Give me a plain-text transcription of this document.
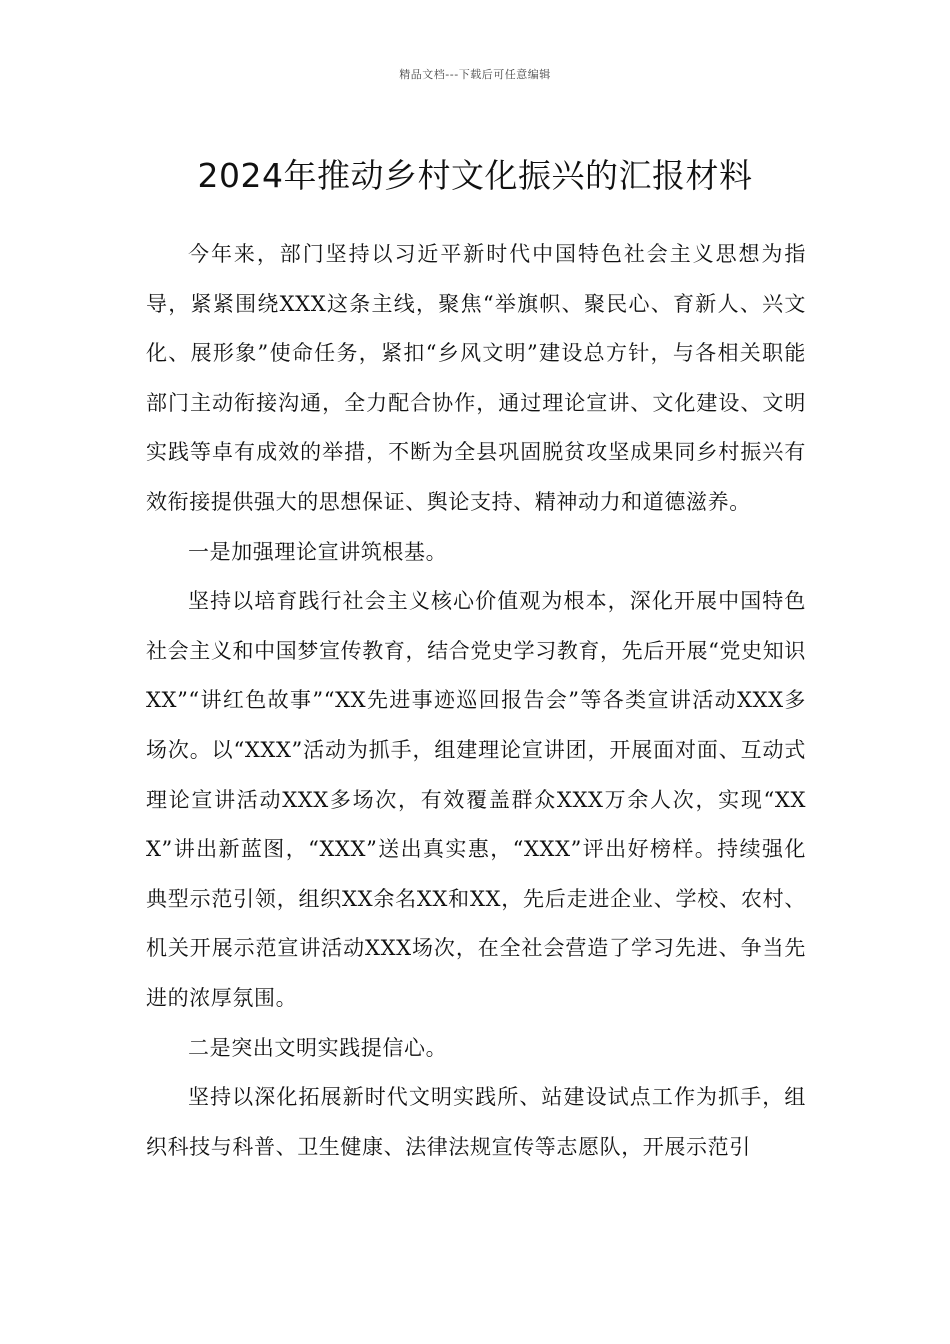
精品文档---下载后可任意编辑
2024年推动乡村文化振兴的汇报材料

今年来，部门坚持以习近平新时代中国特色社会主义思想为指导，紧紧围绕XXX这条主线，聚焦“举旗帜、聚民心、育新人、兴文化、展形象”使命任务，紧扣“乡风文明”建设总方针，与各相关职能部门主动衔接沟通，全力配合协作，通过理论宣讲、文化建设、文明实践等卓有成效的举措，不断为全县巩固脱贫攻坚成果同乡村振兴有效衔接提供强大的思想保证、舆论支持、精神动力和道德滋养。

一是加强理论宣讲筑根基。

坚持以培育践行社会主义核心价值观为根本，深化开展中国特色社会主义和中国梦宣传教育，结合党史学习教育，先后开展“党史知识XX”“讲红色故事”“XX先进事迹巡回报告会”等各类宣讲活动XXX多场次。以“XXX”活动为抓手，组建理论宣讲团，开展面对面、互动式理论宣讲活动XXX多场次，有效覆盖群众XXX万余人次，实现“XXX”讲出新蓝图，“XXX”送出真实惠，“XXX”评出好榜样。持续强化典型示范引领，组织XX余名XX和XX，先后走进企业、学校、农村、机关开展示范宣讲活动XXX场次，在全社会营造了学习先进、争当先进的浓厚氛围。

二是突出文明实践提信心。

坚持以深化拓展新时代文明实践所、站建设试点工作为抓手，组织科技与科普、卫生健康、法律法规宣传等志愿队，开展示范引
